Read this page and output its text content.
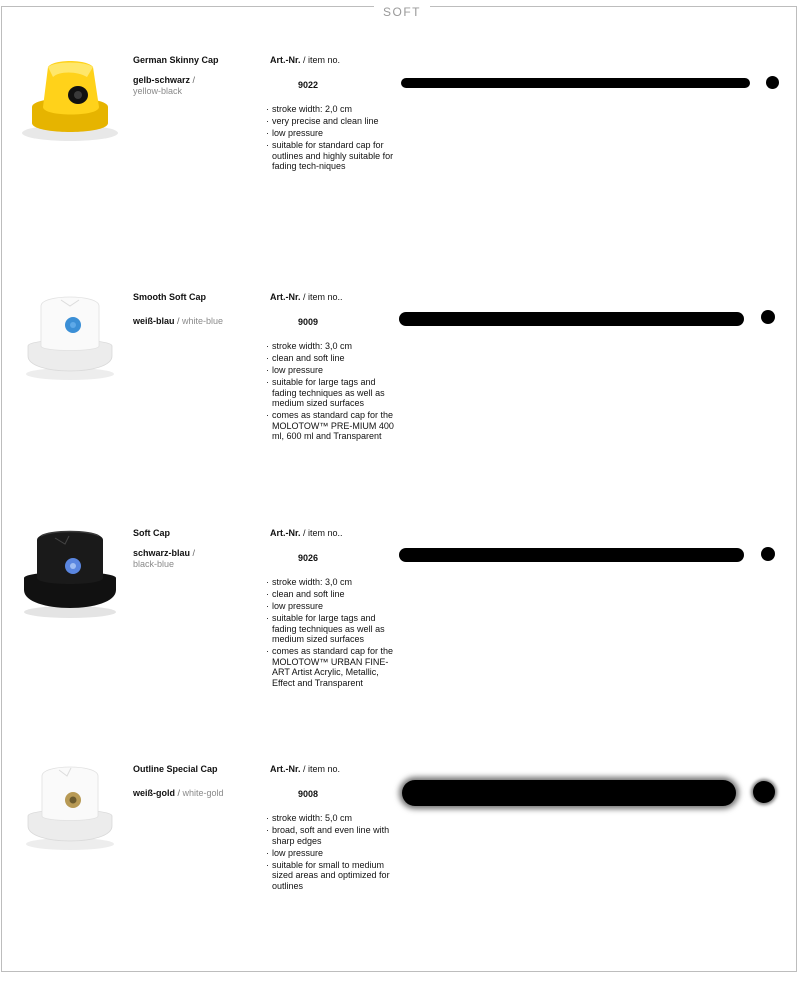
SOFT
German Skinny Cap
gelb-schwarz /
yellow-black
Art.-Nr. / item no.
9022
· stroke width: 2,0 cm
· very precise and clean line
· low pressure
· suitable for standard cap for outlines and highly suitable for fading tech-niques
Smooth Soft Cap
weiß-blau / white-blue
Art.-Nr. / item no..
9009
· stroke width: 3,0 cm
· clean and soft line
· low pressure
· suitable for large tags and fading techniques as well as medium sized surfaces
· comes as standard cap for the MOLOTOW™ PRE-MIUM 400 ml, 600 ml and Transparent
Soft Cap
schwarz-blau /
black-blue
Art.-Nr. / item no..
9026
· stroke width: 3,0 cm
· clean and soft line
· low pressure
· suitable for large tags and fading techniques as well as medium sized surfaces
· comes as standard cap for the MOLOTOW™ URBAN FINE-ART Artist Acrylic, Metallic, Effect and Transparent
Outline Special Cap
weiß-gold / white-gold
Art.-Nr. / item no.
9008
· stroke width: 5,0 cm
· broad, soft and even line with sharp edges
· low pressure
· suitable for small to medium sized areas and optimized for outlines
